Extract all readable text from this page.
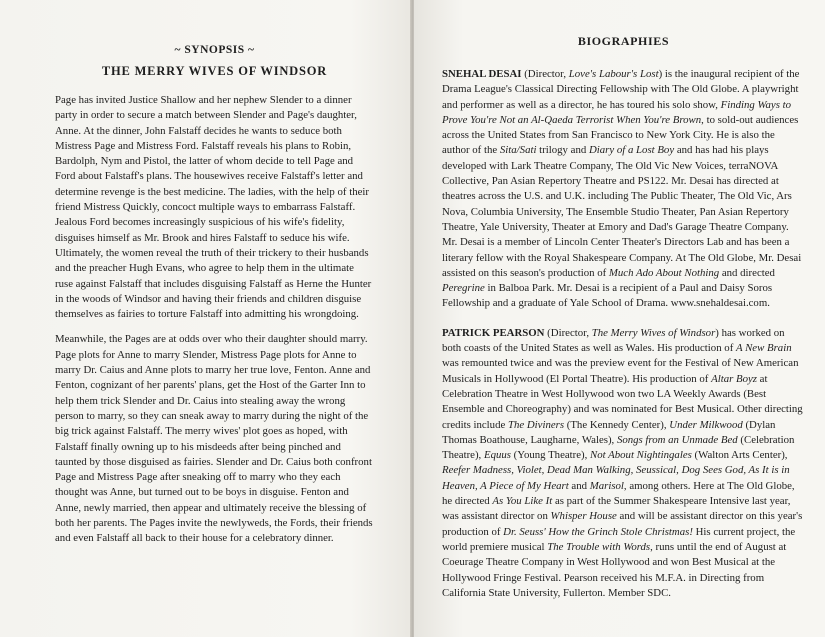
~ SYNOPSIS ~
THE MERRY WIVES OF WINDSOR

Page has invited Justice Shallow and her nephew Slender to a dinner party in order to secure a match between Slender and Page's daughter, Anne. At the dinner, John Falstaff decides he wants to seduce both Mistress Page and Mistress Ford. Falstaff reveals his plans to Robin, Bardolph, Nym and Pistol, the latter of whom decide to tell Page and Ford about Falstaff's plans. The housewives receive Falstaff's letter and determine revenge is the best medicine. The ladies, with the help of their friend Mistress Quickly, concoct multiple ways to embarrass Falstaff. Jealous Ford becomes increasingly suspicious of his wife's fidelity, disguises himself as Mr. Brook and hires Falstaff to seduce his wife. Ultimately, the women reveal the truth of their trickery to their husbands and the preacher Hugh Evans, who agree to help them in the ultimate ruse against Falstaff that includes disguising Falstaff as Herne the Hunter in the woods of Windsor and having their friends and children disguise themselves as fairies to torture Falstaff into admitting his wrongdoing.

Meanwhile, the Pages are at odds over who their daughter should marry. Page plots for Anne to marry Slender, Mistress Page plots for Anne to marry Dr. Caius and Anne plots to marry her true love, Fenton. Anne and Fenton, cognizant of her parents' plans, get the Host of the Garter Inn to help them trick Slender and Dr. Caius into stealing away the wrong person to marry, so they can sneak away to marry during the night of the big trick against Falstaff. The merry wives' plot goes as hoped, with Falstaff finally owning up to his misdeeds after being pinched and taunted by those disguised as fairies. Slender and Dr. Caius both confront Page and Mistress Page after sneaking off to marry who they each thought was Anne, but turned out to be boys in disguise. Fenton and Anne, newly married, then appear and ultimately receive the blessing of both her parents. The Pages invite the newlyweds, the Fords, their friends and even Falstaff all back to their house for a celebratory dinner.

BIOGRAPHIES

SNEHAL DESAI (Director, Love's Labour's Lost) is the inaugural recipient of the Drama League's Classical Directing Fellowship with The Old Globe. A playwright and performer as well as a director, he has toured his solo show, Finding Ways to Prove You're Not an Al-Qaeda Terrorist When You're Brown, to sold-out audiences across the United States from San Francisco to New York City. He is also the author of the Sita/Sati trilogy and Diary of a Lost Boy and has had his plays developed with Lark Theatre Company, The Old Vic New Voices, terraNOVA Collective, Pan Asian Repertory Theatre and PS122. Mr. Desai has directed at theatres across the U.S. and U.K. including The Public Theater, The Old Vic, Ars Nova, Columbia University, The Ensemble Studio Theater, Pan Asian Repertory Theatre, Yale University, Theater at Emory and Dad's Garage Theatre Company. Mr. Desai is a member of Lincoln Center Theater's Directors Lab and has been a literary fellow with the Royal Shakespeare Company. At The Old Globe, Mr. Desai assisted on this season's production of Much Ado About Nothing and directed Peregrine in Balboa Park. Mr. Desai is a recipient of a Paul and Daisy Soros Fellowship and a graduate of Yale School of Drama. www.snehaldesai.com.

PATRICK PEARSON (Director, The Merry Wives of Windsor) has worked on both coasts of the United States as well as Wales. His production of A New Brain was remounted twice and was the preview event for the Festival of New American Musicals in Hollywood (El Portal Theatre). His production of Altar Boyz at Celebration Theatre in West Hollywood won two LA Weekly Awards (Best Ensemble and Choreography) and was nominated for Best Musical. Other directing credits include The Diviners (The Kennedy Center), Under Milkwood (Dylan Thomas Boathouse, Laugharne, Wales), Songs from an Unmade Bed (Celebration Theatre), Equus (Young Theatre), Not About Nightingales (Walton Arts Center), Reefer Madness, Violet, Dead Man Walking, Seussical, Dog Sees God, As It is in Heaven, A Piece of My Heart and Marisol, among others. Here at The Old Globe, he directed As You Like It as part of the Summer Shakespeare Intensive last year, was assistant director on Whisper House and will be assistant director on this year's production of Dr. Seuss' How the Grinch Stole Christmas! His current project, the world premiere musical The Trouble with Words, runs until the end of August at Coeurage Theatre Company in West Hollywood and won Best Musical at the Hollywood Fringe Festival. Pearson received his M.F.A. in Directing from California State University, Fullerton. Member SDC.
